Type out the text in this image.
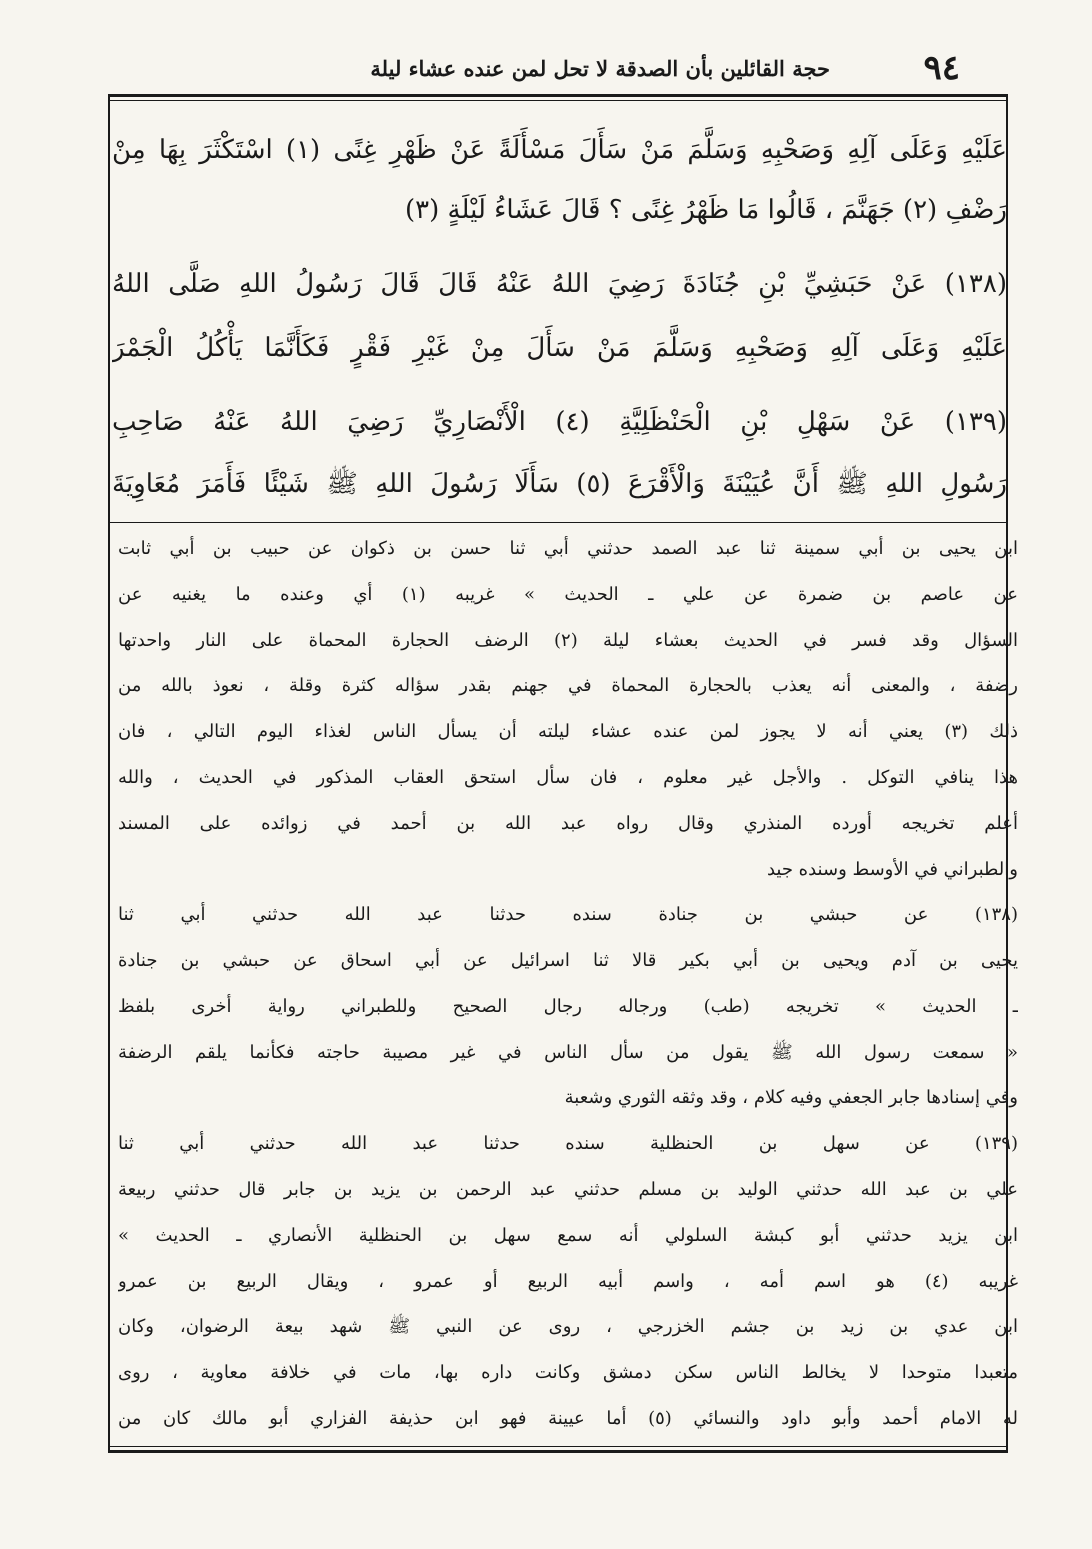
٩٤
حجة القائلين بأن الصدقة لا تحل لمن عنده عشاء ليلة
عَلَيْهِ وَعَلَى آلِهِ وَصَحْبِهِ وَسَلَّمَ مَنْ سَأَلَ مَسْأَلَةً عَنْ ظَهْرِ غِنًى (١) اسْتَكْثَرَ بِهَا مِنْ
رَضْفِ (٢) جَهَنَّمَ ، قَالُوا مَا ظَهْرُ غِنًى ؟ قَالَ عَشَاءُ لَيْلَةٍ (٣)
(١٣٨) عَنْ حَبَشِيِّ بْنِ جُنَادَةَ رَضِيَ اللهُ عَنْهُ قَالَ قَالَ رَسُولُ اللهِ صَلَّى اللهُ
عَلَيْهِ وَعَلَى آلِهِ وَصَحْبِهِ وَسَلَّمَ مَنْ سَأَلَ مِنْ غَيْرِ فَقْرٍ فَكَأَنَّمَا يَأْكُلُ الْجَمْرَ
(١٣٩) عَنْ سَهْلِ بْنِ الْحَنْظَلِيَّةِ (٤) الْأَنْصَارِيِّ رَضِيَ اللهُ عَنْهُ صَاحِبِ
رَسُولِ اللهِ ﷺ أَنَّ عُيَيْنَةَ وَالْأَقْرَعَ (٥) سَأَلَا رَسُولَ اللهِ ﷺ شَيْئًا فَأَمَرَ مُعَاوِيَةَ
ابن يحيى بن أبي سمينة ثنا عبد الصمد حدثني أبي ثنا حسن بن ذكوان عن حبيب بن أبي ثابت
عن عاصم بن ضمرة عن علي ـ الحديث » غريبه (١) أي وعنده ما يغنيه عن
السؤال وقد فسر في الحديث بعشاء ليلة (٢) الرضف الحجارة المحماة على النار واحدتها
رضفة ، والمعنى أنه يعذب بالحجارة المحماة في جهنم بقدر سؤاله كثرة وقلة ، نعوذ بالله من
ذلك (٣) يعني أنه لا يجوز لمن عنده عشاء ليلته أن يسأل الناس لغذاء اليوم التالي ، فان
هذا ينافي التوكل . والأجل غير معلوم ، فان سأل استحق العقاب المذكور في الحديث ، والله
أعلم تخريجه أورده المنذري وقال رواه عبد الله بن أحمد في زوائده على المسند
والطبراني في الأوسط وسنده جيد
(١٣٨) عن حبشي بن جنادة سنده حدثنا عبد الله حدثني أبي ثنا
يحيى بن آدم ويحيى بن أبي بكير قالا ثنا اسرائيل عن أبي اسحاق عن حبشي بن جنادة
ـ الحديث » تخريجه (طب) ورجاله رجال الصحيح وللطبراني رواية أخرى بلفظ
« سمعت رسول الله ﷺ يقول من سأل الناس في غير مصيبة حاجته فكأنما يلقم الرضفة
وفي إسنادها جابر الجعفي وفيه كلام ، وقد وثقه الثوري وشعبة
(١٣٩) عن سهل بن الحنظلية سنده حدثنا عبد الله حدثني أبي ثنا
علي بن عبد الله حدثني الوليد بن مسلم حدثني عبد الرحمن بن يزيد بن جابر قال حدثني ربيعة
ابن يزيد حدثني أبو كبشة السلولي أنه سمع سهل بن الحنظلية الأنصاري ـ الحديث »
غريبه (٤) هو اسم أمه ، واسم أبيه الربيع أو عمرو ، ويقال الربيع بن عمرو
ابن عدي بن زيد بن جشم الخزرجي ، روى عن النبي ﷺ شهد بيعة الرضوان، وكان
متعبدا متوحدا لا يخالط الناس سكن دمشق وكانت داره بها، مات في خلافة معاوية ، روى
له الامام أحمد وأبو داود والنسائي (٥) أما عيينة فهو ابن حذيفة الفزاري أبو مالك كان من
